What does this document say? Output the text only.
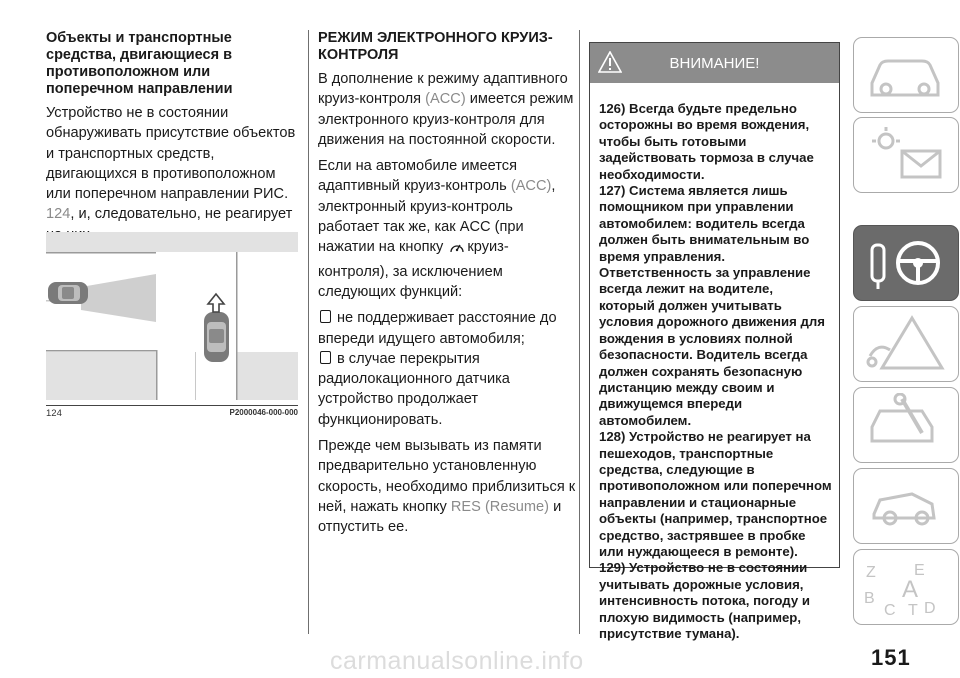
Объекты и транспортные средства, двигающиеся в противоположном или поперечном направлении
Устройство не в состоянии обнаруживать присутствие объектов и транспортных средств, двигающихся в противоположном или поперечном направлении РИС. 124, и, следовательно, не реагирует
124	P2000046-000-000
РЕЖИМ ЭЛЕКТРОННОГО КРУИЗ-КОНТРОЛЯ
В дополнение к режиму адаптивного круиз-контроля (ACC) имеется режим электронного круиз-контроля для движения на постоянной скорости.
Если на автомобиле имеется адаптивный круиз-контроль (ACC), электронный круиз-контроль работает так же, как ACC (при нажатии на кнопку круиз-контроля), за исключением следующих функций:
не поддерживает расстояние до впереди идущего автомобиля;
в случае перекрытия радиолокационного датчика устройство продолжает функционировать.
Прежде чем вызывать из памяти предварительно установленную скорость, необходимо приблизиться к ней, нажать кнопку RES (Resume) и отпустить ее.
ВНИМАНИЕ!

126) Всегда будьте предельно осторожны во время вождения, чтобы быть готовыми задействовать тормоза в случае необходимости.

127) Система является лишь помощником при управлении автомобилем: водитель всегда должен быть внимательным во время управления. Ответственность за управление всегда лежит на водителе, который должен учитывать условия дорожного движения для вождения в условиях полной безопасности. Водитель всегда должен сохранять безопасную дистанцию между своим и движущемся впереди автомобилем.

128) Устройство не реагирует на пешеходов, транспортные средства, следующие в противоположном или поперечном направлении и стационарные объекты (например, транспортное средство, застрявшее в пробке или нуждающееся в ремонте).

129) Устройство не в состоянии учитывать дорожные условия, интенсивность потока, погоду и плохую видимость (например, присутствие тумана).

Z E
B A
C T D
carmanualsonline.info	151
